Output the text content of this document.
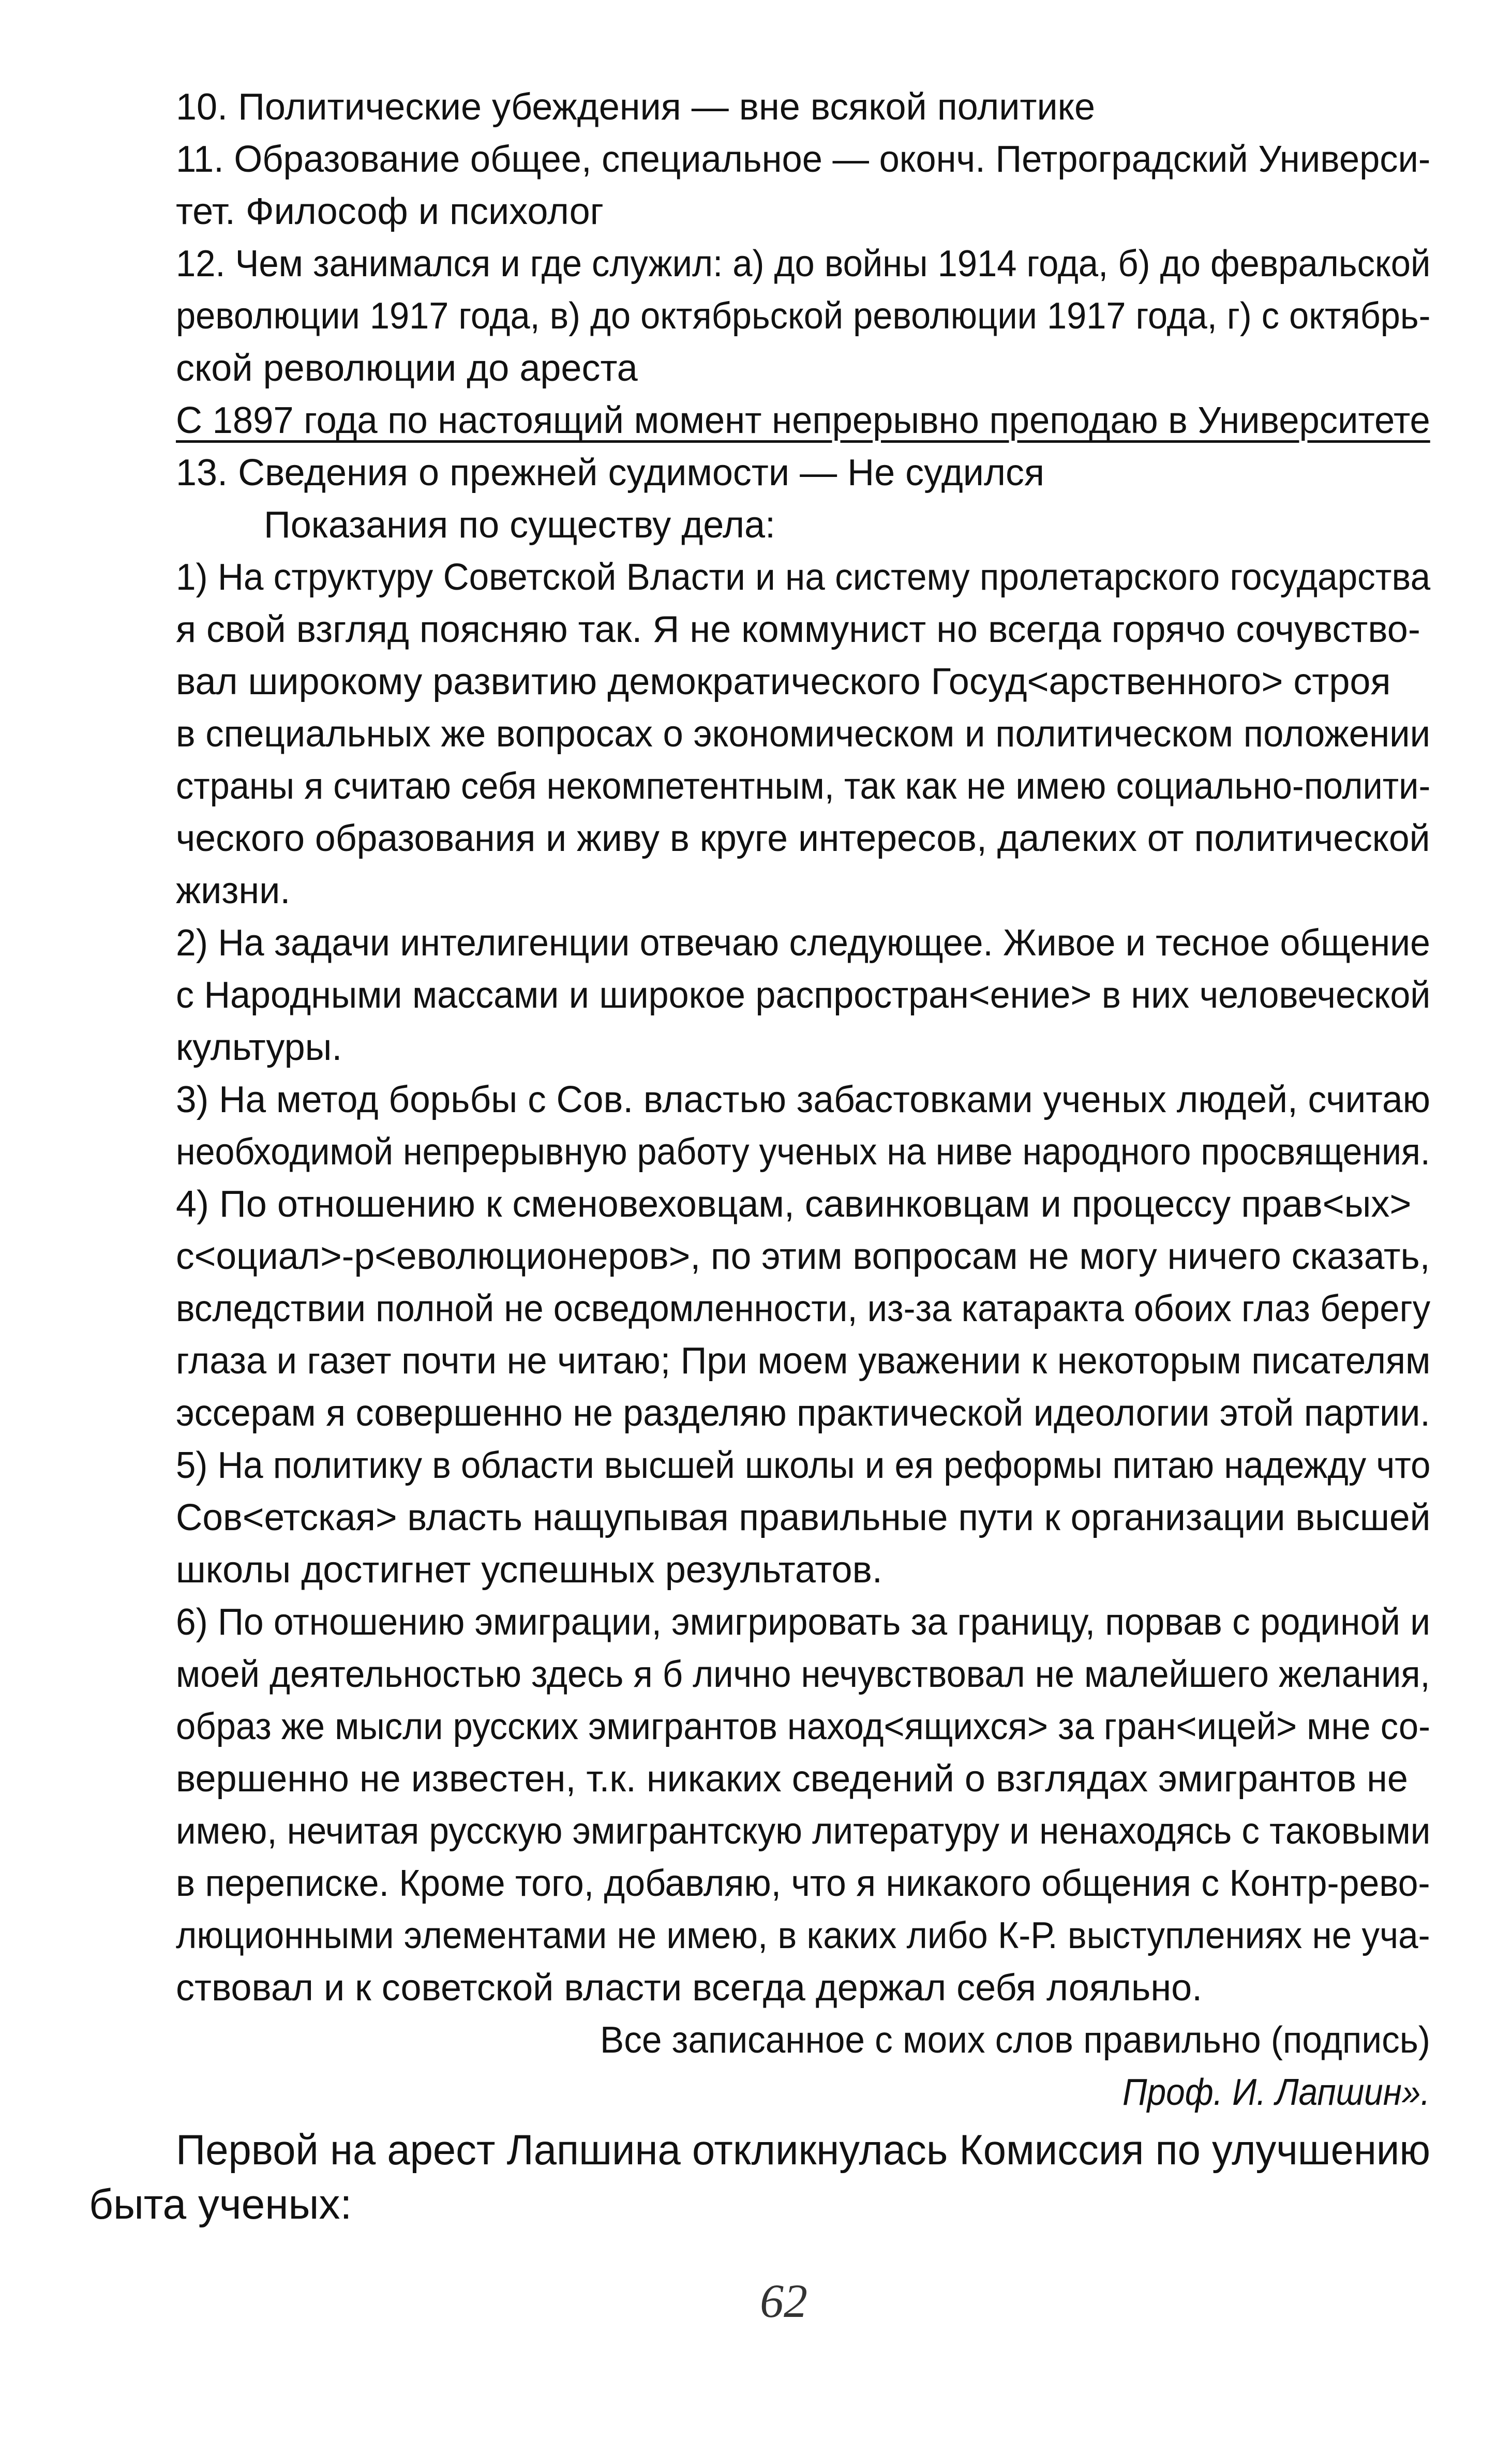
10. Политические убеждения — вне всякой политике
11. Образование общее, специальное — оконч. Петроградский Универси-
тет. Философ и психолог
12. Чем занимался и где служил: а) до войны 1914 года, б) до февральской
революции 1917 года, в) до октябрьской революции 1917 года, г) с октябрь-
ской революции до ареста
С 1897 года по настоящий момент непрерывно преподаю в Университете
13. Сведения о прежней судимости — Не судился
Показания по существу дела:
1) На структуру Советской Власти и на систему пролетарского государства
я свой взгляд поясняю так. Я не коммунист но всегда горячо сочувство-
вал широкому развитию демократического Госуд<арственного> строя
в специальных же вопросах о экономическом и политическом положении
страны я считаю себя некомпетентным, так как не имею социально-полити-
ческого образования и живу в круге интересов, далеких от политической
жизни.
2) На задачи интелигенции отвечаю следующее. Живое и тесное общение
с Народными массами и широкое распростран<ение> в них человеческой
культуры.
3) На метод борьбы с Сов. властью забастовками ученых людей, считаю
необходимой непрерывную работу ученых на ниве народного просвящения.
4) По отношению к сменовеховцам, савинковцам и процессу прав<ых>
с<оциал>-р<еволюционеров>, по этим вопросам не могу ничего сказать,
вследствии полной не осведомленности, из-за катаракта обоих глаз берегу
глаза и газет почти не читаю; При моем уважении к некоторым писателям
эссерам я совершенно не разделяю практической идеологии этой партии.
5) На политику в области высшей школы и ея реформы питаю надежду что
Сов<етская> власть нащупывая правильные пути к организации высшей
школы достигнет успешных результатов.
6) По отношению эмиграции, эмигрировать за границу, порвав с родиной и
моей деятельностью здесь я б лично нечувствовал не малейшего желания,
образ же мысли русских эмигрантов наход<ящихся> за гран<ицей> мне со-
вершенно не известен, т.к. никаких сведений о взглядах эмигрантов не
имею, нечитая русскую эмигрантскую литературу и ненаходясь с таковыми
в переписке. Кроме того, добавляю, что я никакого общения с Контр-рево-
люционными элементами не имею, в каких либо К-Р. выступлениях не уча-
ствовал и к советской власти всегда держал себя лояльно.
Все записанное с моих слов правильно (подпись)
Проф. И. Лапшин».
Первой на арест Лапшина откликнулась Комиссия по улучшению
быта ученых:
62
